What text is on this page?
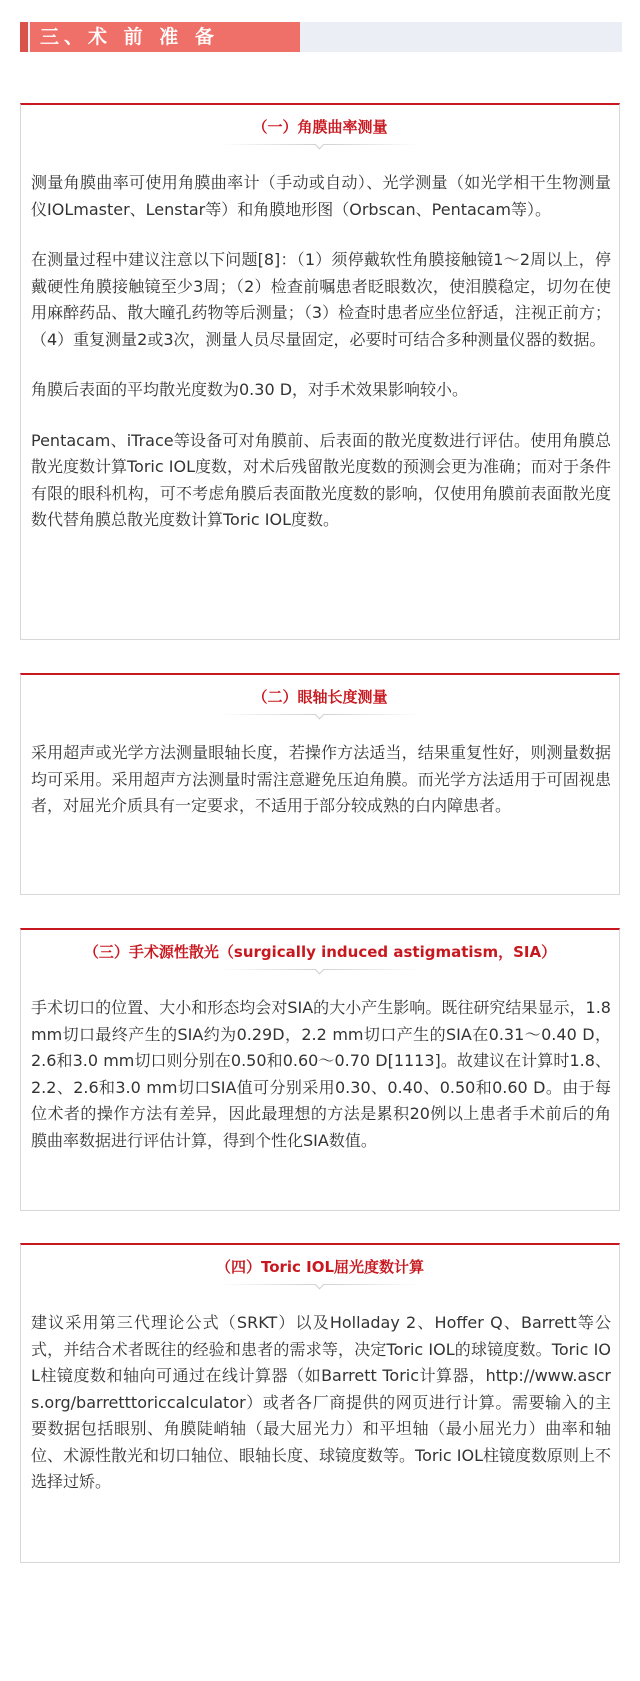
三、术 前 准 备
（一）角膜曲率测量

测量角膜曲率可使用角膜曲率计（手动或自动）、光学测量（如光学相干生物测量仪IOLmaster、Lenstar等）和角膜地形图（Orbscan、Pentacam等）。

在测量过程中建议注意以下问题[8]：（1）须停戴软性角膜接触镜1～2周以上，停戴硬性角膜接触镜至少3周；（2）检查前嘱患者眨眼数次，使泪膜稳定，切勿在使用麻醉药品、散大瞳孔药物等后测量；（3）检查时患者应坐位舒适，注视正前方；（4）重复测量2或3次，测量人员尽量固定，必要时可结合多种测量仪器的数据。

角膜后表面的平均散光度数为0.30 D，对手术效果影响较小。

Pentacam、iTrace等设备可对角膜前、后表面的散光度数进行评估。使用角膜总散光度数计算Toric IOL度数，对术后残留散光度数的预测会更为准确；而对于条件有限的眼科机构，可不考虑角膜后表面散光度数的影响，仅使用角膜前表面散光度数代替角膜总散光度数计算Toric IOL度数。

（二）眼轴长度测量

采用超声或光学方法测量眼轴长度，若操作方法适当，结果重复性好，则测量数据均可采用。采用超声方法测量时需注意避免压迫角膜。而光学方法适用于可固视患者，对屈光介质具有一定要求，不适用于部分较成熟的白内障患者。

（三）手术源性散光（surgically induced astigmatism，SIA）

手术切口的位置、大小和形态均会对SIA的大小产生影响。既往研究结果显示，1.8 mm切口最终产生的SIA约为0.29D，2.2 mm切口产生的SIA在0.31～0.40 D，2.6和3.0 mm切口则分别在0.50和0.60～0.70 D[1113]。故建议在计算时1.8、2.2、2.6和3.0 mm切口SIA值可分别采用0.30、0.40、0.50和0.60 D。由于每位术者的操作方法有差异，因此最理想的方法是累积20例以上患者手术前后的角膜曲率数据进行评估计算，得到个性化SIA数值。

（四）Toric IOL屈光度数计算

建议采用第三代理论公式（SRKT）以及Holladay 2、Hoffer Q、Barrett等公式，并结合术者既往的经验和患者的需求等，决定Toric IOL的球镜度数。Toric IOL柱镜度数和轴向可通过在线计算器（如Barrett Toric计算器，http://www.ascrs.org/barretttoriccalculator）或者各厂商提供的网页进行计算。需要输入的主要数据包括眼别、角膜陡峭轴（最大屈光力）和平坦轴（最小屈光力）曲率和轴位、术源性散光和切口轴位、眼轴长度、球镜度数等。Toric IOL柱镜度数原则上不选择过矫。
